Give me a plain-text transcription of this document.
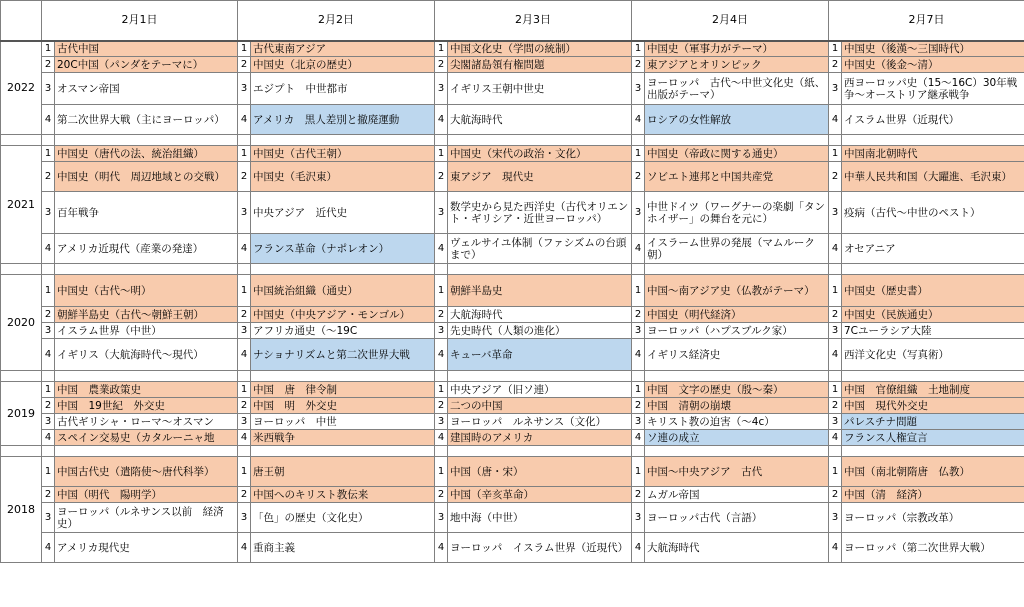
	2月1日		2月2日		2月3日		2月4日		2月7日	
2022	1	古代中国	1	古代東南アジア	1	中国文化史（学問の統制）	1	中国史（軍事力がテーマ）	1	中国史（後漢～三国時代）

	2	20C中国（パンダをテーマに）	2	中国史（北京の歴史）	2	尖閣諸島領有権問題	2	東アジアとオリンピック	2	中国史（後金～清）

	3	オスマン帝国	3	エジプト　中世都市	3	イギリス王朝中世史	3	ヨーロッパ　古代～中世文化史（紙、出版がテーマ）	3	西ヨーロッパ史（15～16C）30年戦争～オーストリア継承戦争

	4	第二次世界大戦（主にヨーロッパ）	4	アメリカ　黒人差別と撤廃運動	4	大航海時代	4	ロシアの女性解放	4	イスラム世界（近現代）

2021	1	中国史（唐代の法、統治組織）	1	中国史（古代王朝）	1	中国史（宋代の政治・文化）	1	中国史（帝政に関する通史）	1	中国南北朝時代

	2	中国史（明代　周辺地域との交戦）	2	中国史（毛沢東）	2	東アジア　現代史	2	ソビエト連邦と中国共産党	2	中華人民共和国（大躍進、毛沢東）

	3	百年戦争	3	中央アジア　近代史	3	数学史から見た西洋史（古代オリエント・ギリシア・近世ヨーロッパ）	3	中世ドイツ（ワーグナーの楽劇「タンホイザー」の舞台を元に）	3	疫病（古代～中世のペスト）

	4	アメリカ近現代（産業の発達）	4	フランス革命（ナポレオン）	4	ヴェルサイユ体制（ファシズムの台頭まで）	4	イスラーム世界の発展（マムルーク朝）	4	オセアニア

2020	1	中国史（古代～明）	1	中国統治組織（通史）	1	朝鮮半島史	1	中国～南アジア史（仏教がテーマ）	1	中国史（歴史書）

	2	朝鮮半島史（古代～朝鮮王朝）	2	中国史（中央アジア・モンゴル）	2	大航海時代	2	中国史（明代経済）	2	中国史（民族通史）

	3	イスラム世界（中世）	3	アフリカ通史（～19C	3	先史時代（人類の進化）	3	ヨーロッパ（ハプスブルク家）	3	7Cユーラシア大陸

	4	イギリス（大航海時代～現代）	4	ナショナリズムと第二次世界大戦	4	キューバ革命	4	イギリス経済史	4	西洋文化史（写真術）

2019	1	中国　農業政策史	1	中国　唐　律令制	1	中央アジア（旧ソ連）	1	中国　文字の歴史（殷～秦）	1	中国　官僚組織　土地制度

	2	中国　19世紀　外交史	2	中国　明　外交史	2	二つの中国	2	中国　清朝の崩壊	2	中国　現代外交史

	3	古代ギリシャ・ローマ～オスマン	3	ヨーロッパ　中世	3	ヨーロッパ　ルネサンス（文化）	3	キリスト教の迫害（～4c）	3	パレスチナ問題

	4	スペイン交易史（カタルーニャ地	4	米西戦争	4	建国時のアメリカ	4	ソ連の成立	4	フランス人権宣言

2018	1	中国古代史（遣隋使～唐代科挙）	1	唐王朝	1	中国（唐・宋）	1	中国～中央アジア　古代	1	中国（南北朝隋唐　仏教）

	2	中国（明代　陽明学）	2	中国へのキリスト教伝来	2	中国（辛亥革命）	2	ムガル帝国	2	中国（清　経済）

	3	ヨーロッパ（ルネサンス以前　経済史）	3	「色」の歴史（文化史）	3	地中海（中世）	3	ヨーロッパ古代（言語）	3	ヨーロッパ（宗教改革）

	4	アメリカ現代史	4	重商主義	4	ヨーロッパ　イスラム世界（近現代）	4	大航海時代	4	ヨーロッパ（第二次世界大戦）
